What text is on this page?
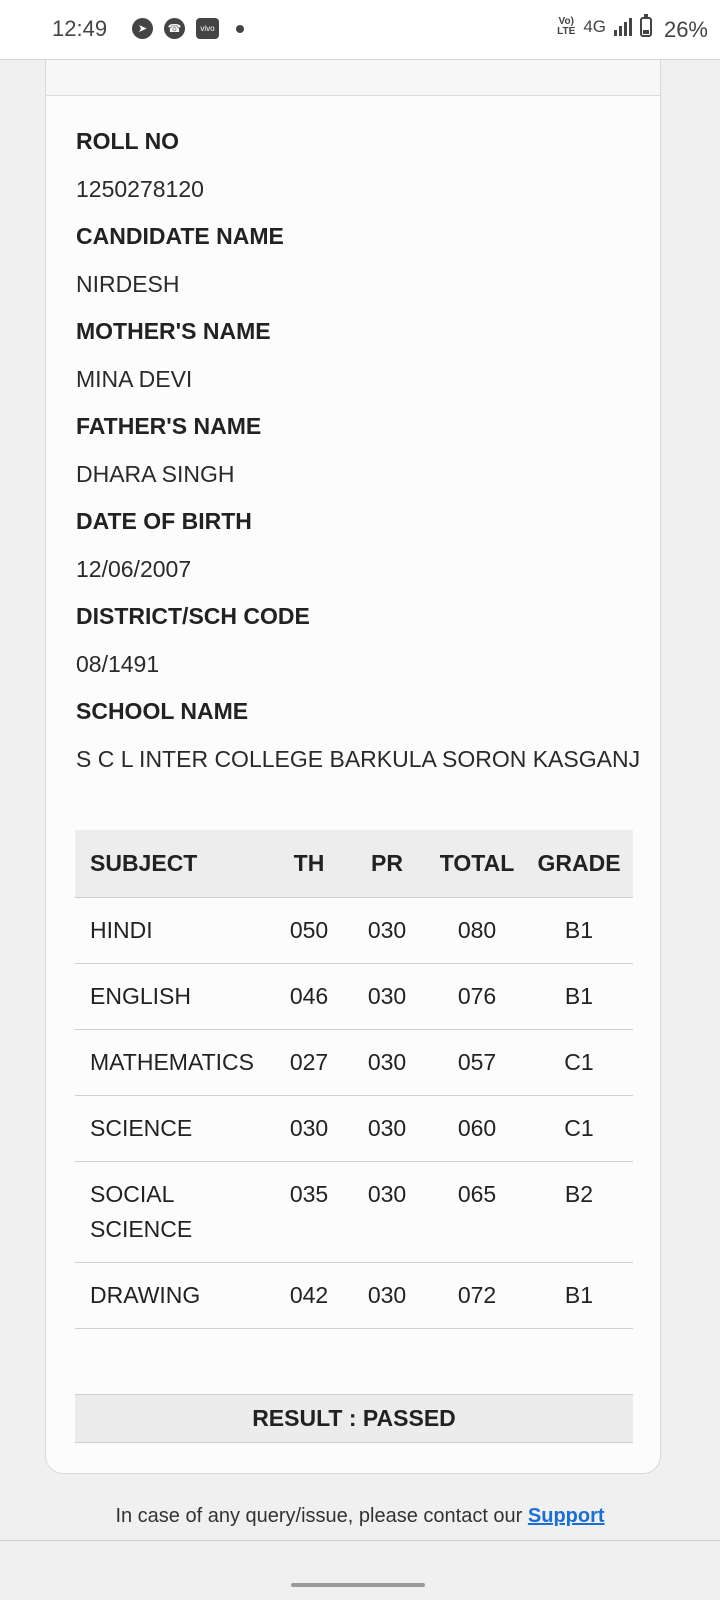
12:49	➤	☎	vivo
Vo)
LTE 4G	26%
ROLL NO
1250278120
CANDIDATE NAME
NIRDESH
MOTHER'S NAME
MINA DEVI
FATHER'S NAME
DHARA SINGH
DATE OF BIRTH
12/06/2007
DISTRICT/SCH CODE
08/1491
SCHOOL NAME
S C L INTER COLLEGE BARKULA SORON KASGANJ
SUBJECT	TH	PR	TOTAL	GRADE
HINDI	050	030	080	B1
ENGLISH	046	030	076	B1
MATHEMATICS	027	030	057	C1
SCIENCE	030	030	060	C1
SOCIAL SCIENCE	035	030	065	B2
DRAWING	042	030	072	B1
RESULT : PASSED
In case of any query/issue, please contact our Support
